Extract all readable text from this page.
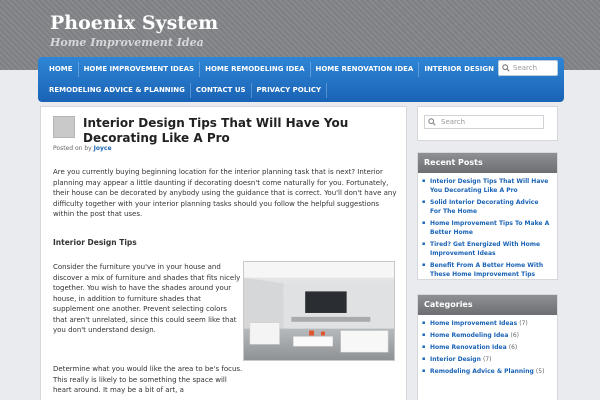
Phoenix System
Home Improvement Idea
HOME	HOME IMPROVEMENT IDEAS	HOME REMODELING IDEA	HOME RENOVATION IDEA	INTERIOR DESIGN
REMODELING ADVICE & PLANNING	CONTACT US	PRIVACY POLICY
Search
Interior Design Tips That Will Have You Decorating Like A Pro
Posted on by Joyce
Are you currently buying beginning location for the interior planning task that is next? Interior planning may appear a little daunting if decorating doesn't come naturally for you. Fortunately, their house can be decorated by anybody using the guidance that is correct. You'll don't have any difficulty together with your interior planning tasks should you follow the helpful suggestions within the post that uses.
Interior Design Tips
Consider the furniture you've in your house and discover a mix of furniture and shades that fits nicely together. You wish to have the shades around your house, in addition to furniture shades that supplement one another. Prevent selecting colors that aren't unrelated, since this could seem like that you don't understand design.
Determine what you would like the area to be's focus. This really is likely to be something the space will heart around. It may be a bit of art, a
Search
Recent Posts
▪ Interior Design Tips That Will Have You Decorating Like A Pro
▪ Solid Interior Decorating Advice For The Home
▪ Home Improvement Tips To Make A Better Home
▪ Tired? Get Energized With Home Improvement Ideas
▪ Benefit From A Better Home With These Home Improvement Tips
Categories
▪ Home Improvement Ideas (7)
▪ Home Remodeling Idea (6)
▪ Home Renovation Idea (6)
▪ Interior Design (7)
▪ Remodeling Advice & Planning (5)
